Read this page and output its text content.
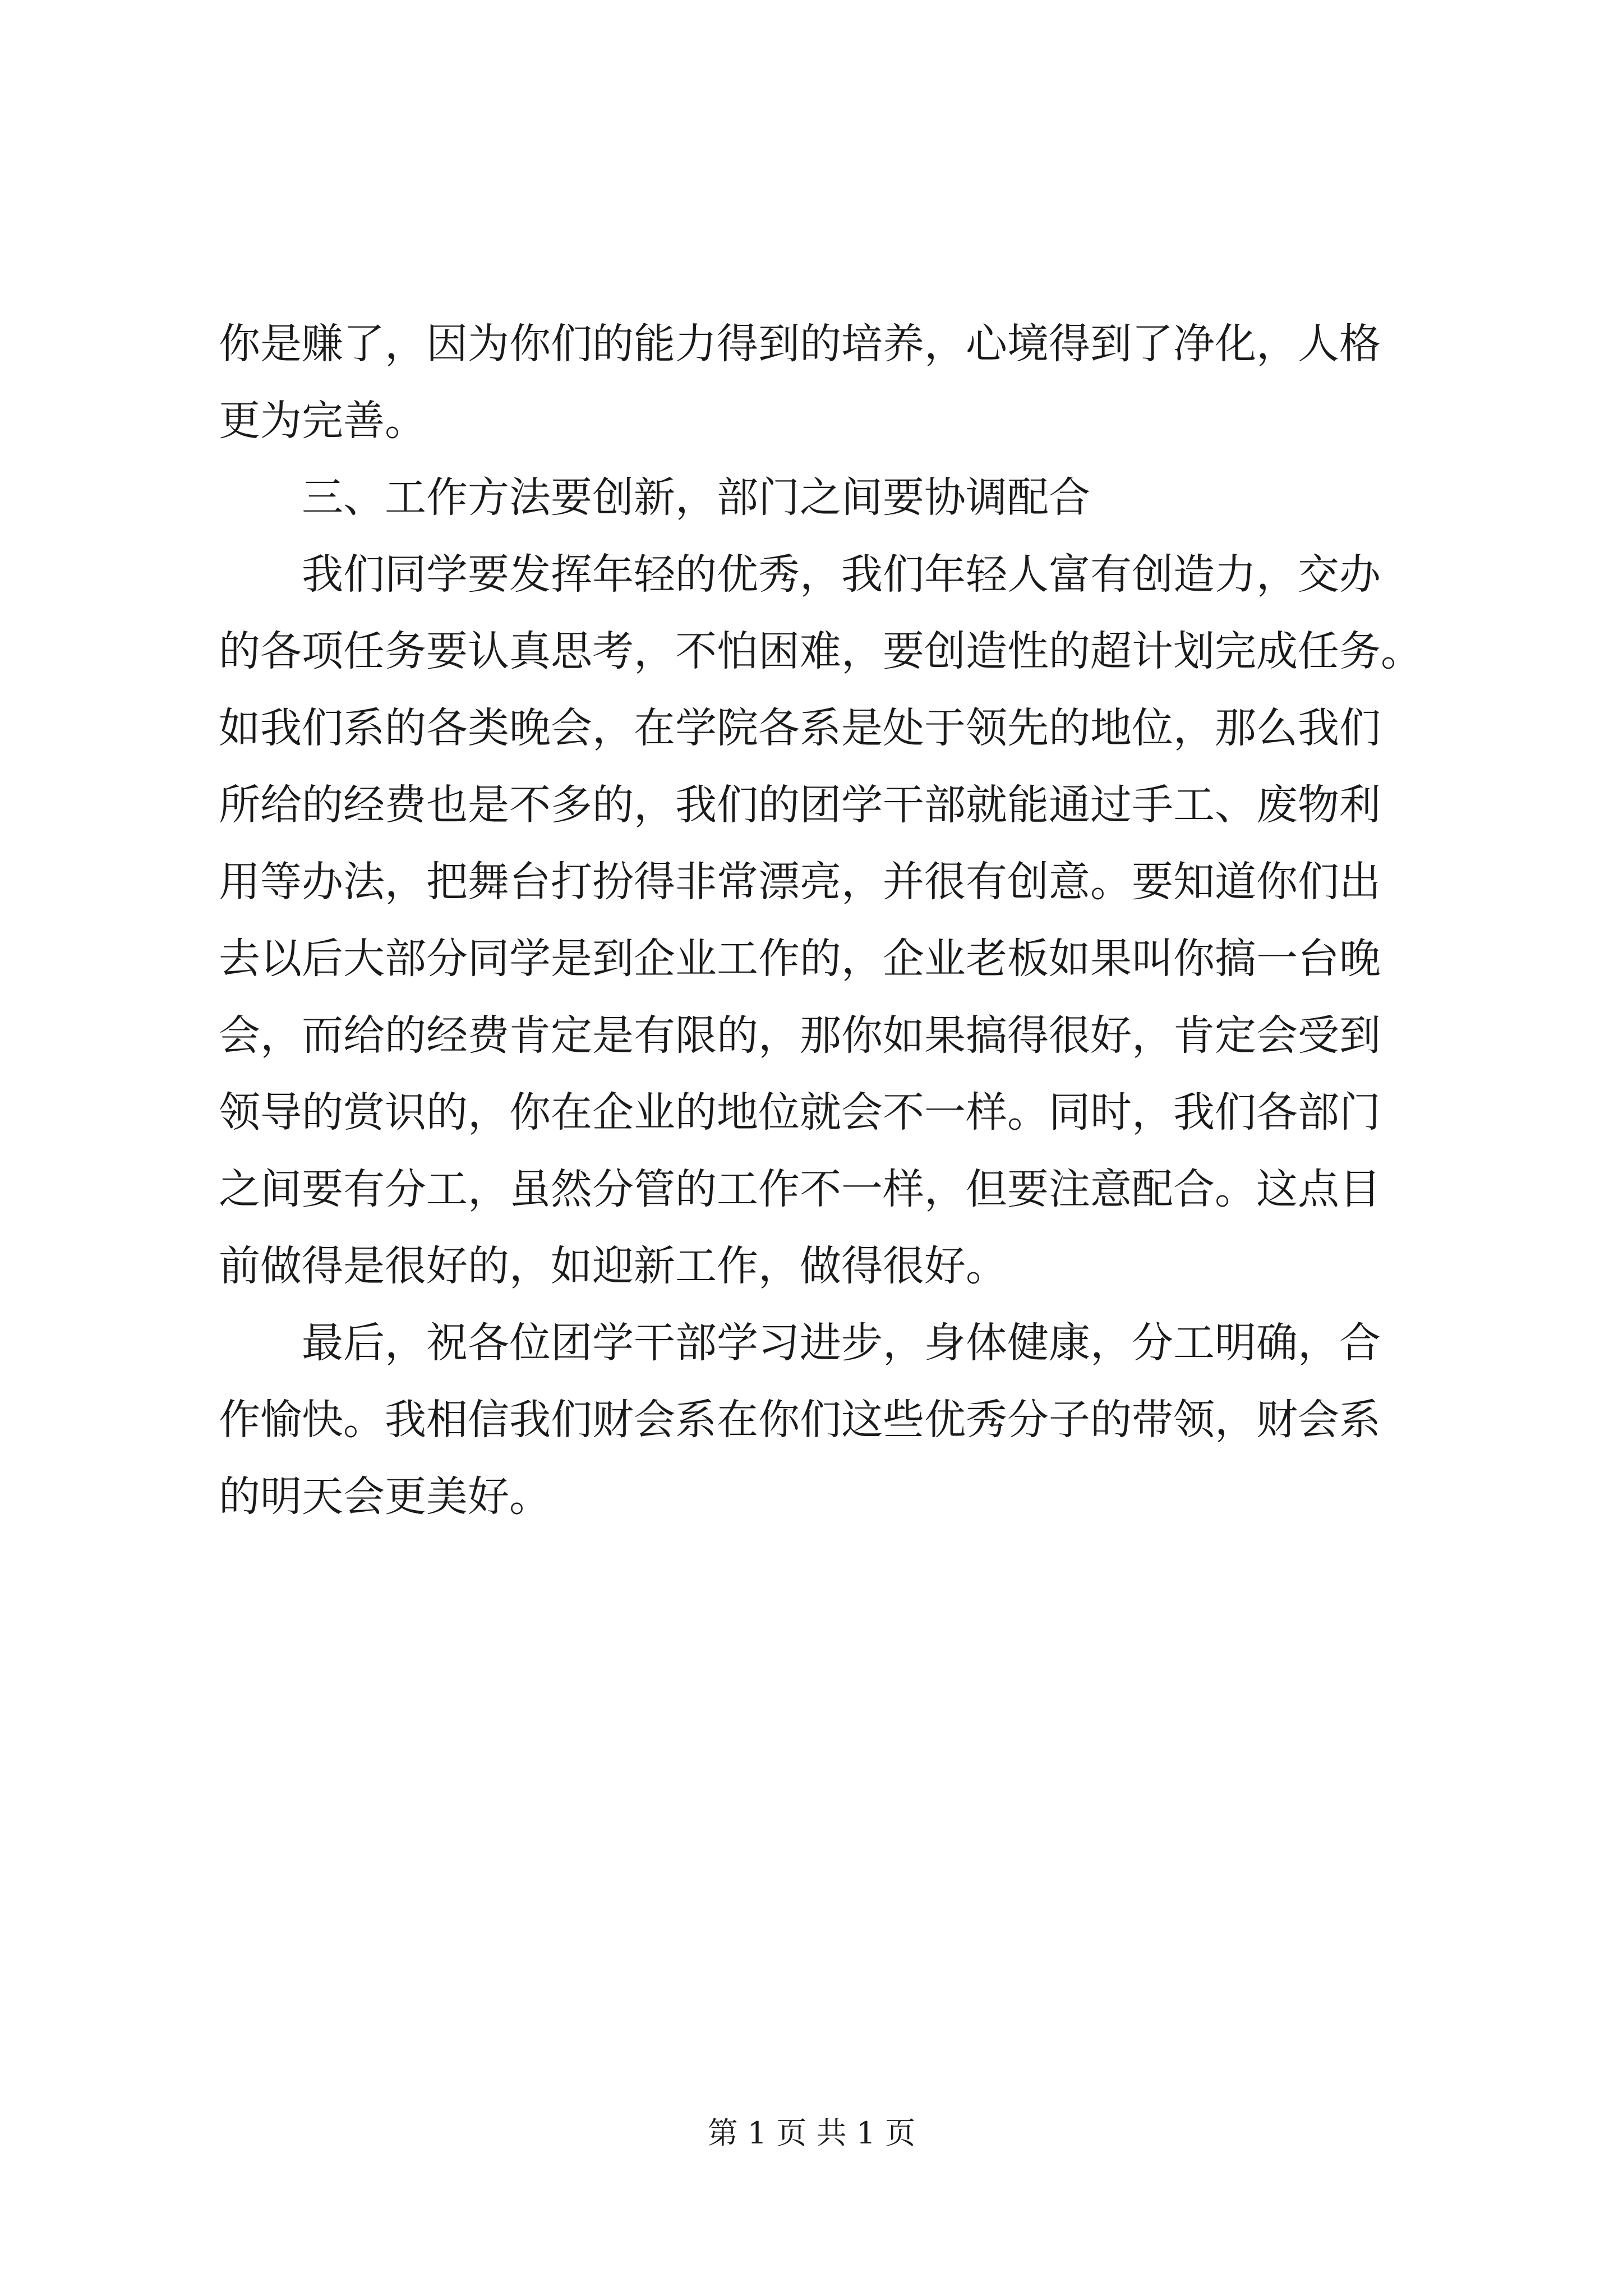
你是赚了，因为你们的能力得到的培养，心境得到了净化，人格
更为完善。
　　三、工作方法要创新，部门之间要协调配合
　　我们同学要发挥年轻的优秀，我们年轻人富有创造力，交办
的各项任务要认真思考，不怕困难，要创造性的超计划完成任务。
如我们系的各类晚会，在学院各系是处于领先的地位，那么我们
所给的经费也是不多的，我们的团学干部就能通过手工、废物利
用等办法，把舞台打扮得非常漂亮，并很有创意。要知道你们出
去以后大部分同学是到企业工作的，企业老板如果叫你搞一台晚
会，而给的经费肯定是有限的，那你如果搞得很好，肯定会受到
领导的赏识的，你在企业的地位就会不一样。同时，我们各部门
之间要有分工，虽然分管的工作不一样，但要注意配合。这点目
前做得是很好的，如迎新工作，做得很好。
　　最后，祝各位团学干部学习进步，身体健康，分工明确，合
作愉快。我相信我们财会系在你们这些优秀分子的带领，财会系
的明天会更美好。
第 1 页 共 1 页
